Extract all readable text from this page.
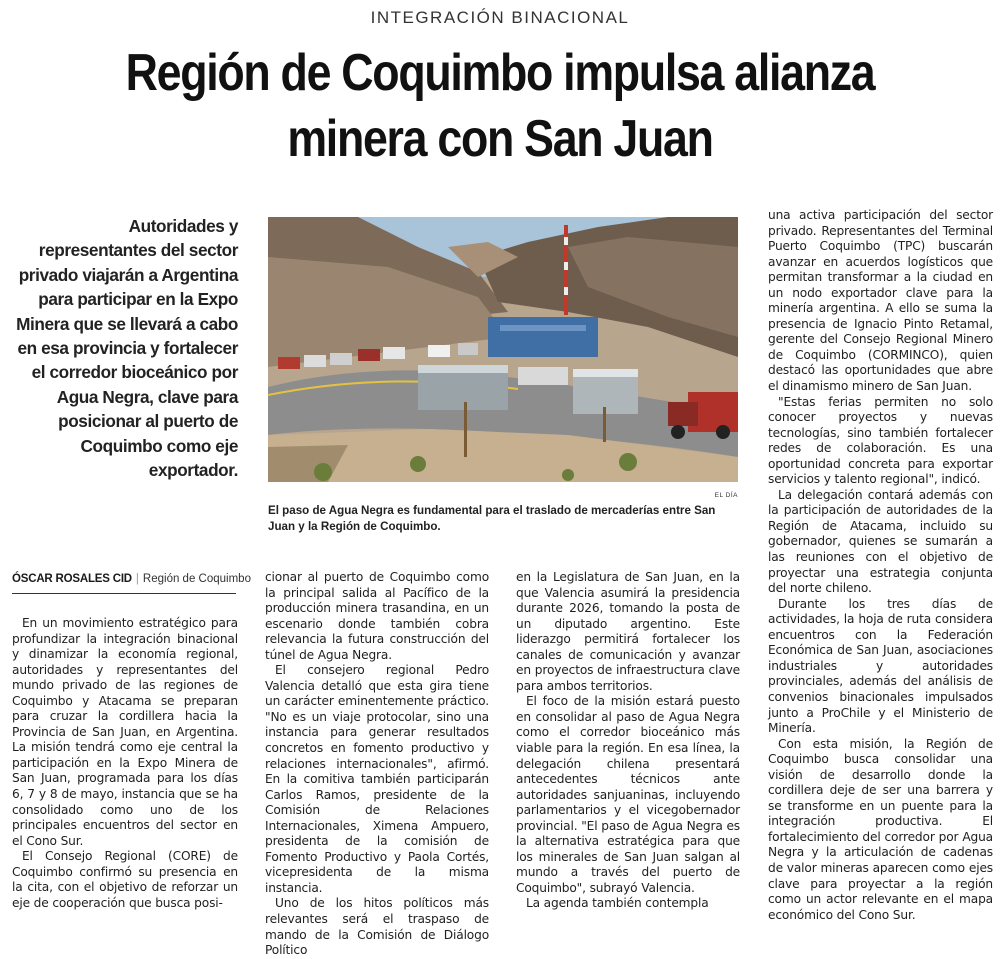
INTEGRACIÓN BINACIONAL
Región de Coquimbo impulsa alianza minera con San Juan
Autoridades y representantes del sector privado viajarán a Argentina para participar en la Expo Minera que se llevará a cabo en esa provincia y fortalecer el corredor bioceánico por Agua Negra, clave para posicionar al puerto de Coquimbo como eje exportador.
EL DÍA
El paso de Agua Negra es fundamental para el traslado de mercaderías entre San Juan y la Región de Coquimbo.
ÓSCAR ROSALES CID | Región de Coquimbo

En un movimiento estratégico para profundizar la integración binacional y dinamizar la economía regional, autoridades y representantes del mundo privado de las regiones de Coquimbo y Atacama se preparan para cruzar la cordillera hacia la Provincia de San Juan, en Argentina. La misión tendrá como eje central la participación en la Expo Minera de San Juan, programada para los días 6, 7 y 8 de mayo, instancia que se ha consolidado como uno de los principales encuentros del sector en el Cono Sur.

El Consejo Regional (CORE) de Coquimbo confirmó su presencia en la cita, con el objetivo de reforzar un eje de cooperación que busca posi-

cionar al puerto de Coquimbo como la principal salida al Pacífico de la producción minera trasandina, en un escenario donde también cobra relevancia la futura construcción del túnel de Agua Negra.

El consejero regional Pedro Valencia detalló que esta gira tiene un carácter eminentemente práctico. "No es un viaje protocolar, sino una instancia para generar resultados concretos en fomento productivo y relaciones internacionales", afirmó. En la comitiva también participarán Carlos Ramos, presidente de la Comisión de Relaciones Internacionales, Ximena Ampuero, presidenta de la comisión de Fomento Productivo y Paola Cortés, vicepresidenta de la misma instancia.

Uno de los hitos políticos más relevantes será el traspaso de mando de la Comisión de Diálogo Político

en la Legislatura de San Juan, en la que Valencia asumirá la presidencia durante 2026, tomando la posta de un diputado argentino. Este liderazgo permitirá fortalecer los canales de comunicación y avanzar en proyectos de infraestructura clave para ambos territorios.

El foco de la misión estará puesto en consolidar al paso de Agua Negra como el corredor bioceánico más viable para la región. En esa línea, la delegación chilena presentará antecedentes técnicos ante autoridades sanjuaninas, incluyendo parlamentarios y el vicegobernador provincial. "El paso de Agua Negra es la alternativa estratégica para que los minerales de San Juan salgan al mundo a través del puerto de Coquimbo", subrayó Valencia.

La agenda también contempla

una activa participación del sector privado. Representantes del Terminal Puerto Coquimbo (TPC) buscarán avanzar en acuerdos logísticos que permitan transformar a la ciudad en un nodo exportador clave para la minería argentina. A ello se suma la presencia de Ignacio Pinto Retamal, gerente del Consejo Regional Minero de Coquimbo (CORMINCO), quien destacó las oportunidades que abre el dinamismo minero de San Juan.

"Estas ferias permiten no solo conocer proyectos y nuevas tecnologías, sino también fortalecer redes de colaboración. Es una oportunidad concreta para exportar servicios y talento regional", indicó.

La delegación contará además con la participación de autoridades de la Región de Atacama, incluido su gobernador, quienes se sumarán a las reuniones con el objetivo de proyectar una estrategia conjunta del norte chileno.

Durante los tres días de actividades, la hoja de ruta considera encuentros con la Federación Económica de San Juan, asociaciones industriales y autoridades provinciales, además del análisis de convenios binacionales impulsados junto a ProChile y el Ministerio de Minería.

Con esta misión, la Región de Coquimbo busca consolidar una visión de desarrollo donde la cordillera deje de ser una barrera y se transforme en un puente para la integración productiva. El fortalecimiento del corredor por Agua Negra y la articulación de cadenas de valor mineras aparecen como ejes clave para proyectar a la región como un actor relevante en el mapa económico del Cono Sur.
